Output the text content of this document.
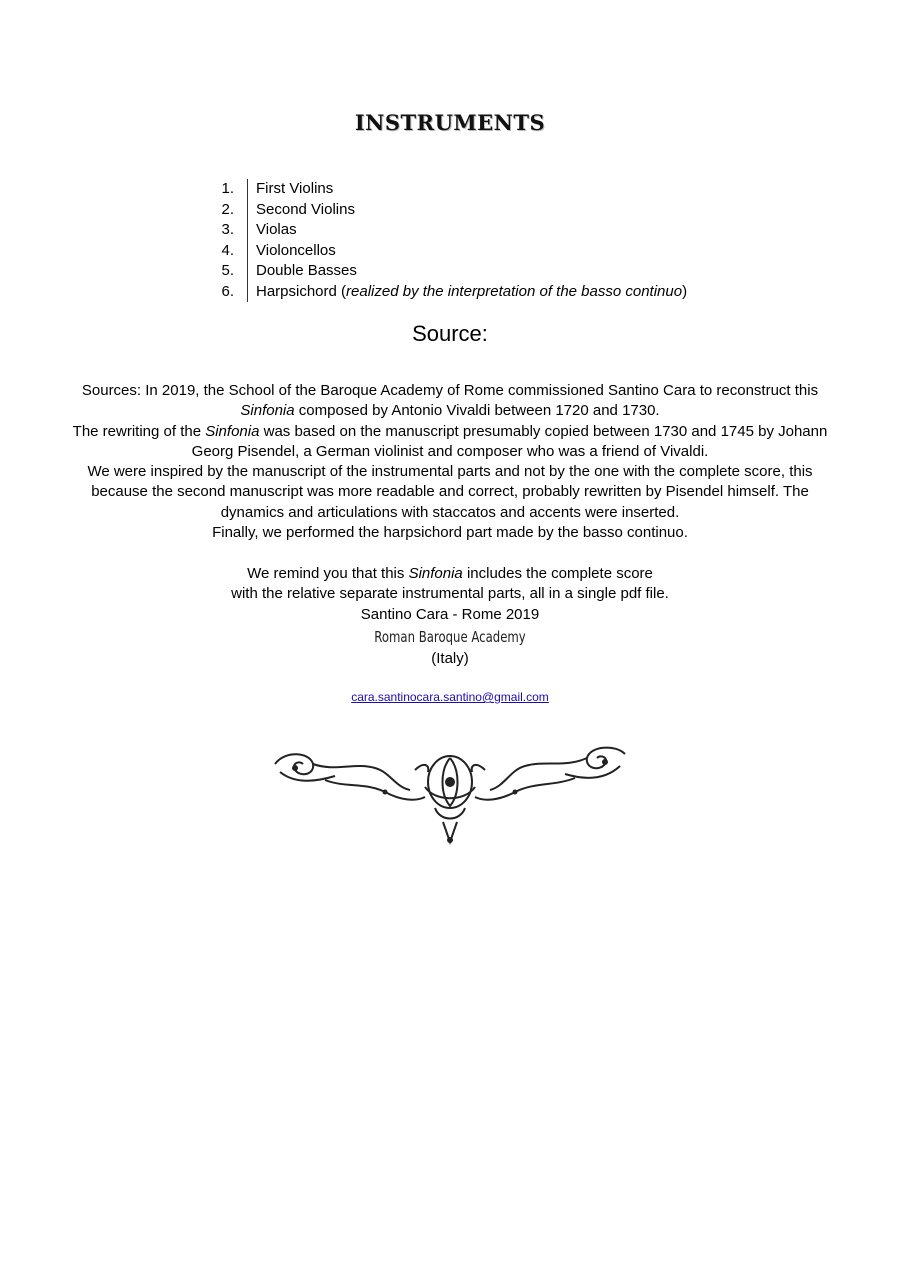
INSTRUMENTS
1. First Violins
2. Second Violins
3. Violas
4. Violoncellos
5. Double Basses
6. Harpsichord (realized by the interpretation of the basso continuo)
Source:

Sources: In 2019, the School of the Baroque Academy of Rome commissioned Santino Cara to reconstruct this Sinfonia composed by Antonio Vivaldi between 1720 and 1730.

The rewriting of the Sinfonia was based on the manuscript presumably copied between 1730 and 1745 by Johann Georg Pisendel, a German violinist and composer who was a friend of Vivaldi.

We were inspired by the manuscript of the instrumental parts and not by the one with the complete score, this because the second manuscript was more readable and correct, probably rewritten by Pisendel himself. The dynamics and articulations with staccatos and accents were inserted.

Finally, we performed the harpsichord part made by the basso continuo.

We remind you that this Sinfonia includes the complete score

with the relative separate instrumental parts, all in a single pdf file.

Santino Cara - Rome 2019

Roman Baroque Academy
(Italy)
cara.santinocara.santino@gmail.com
